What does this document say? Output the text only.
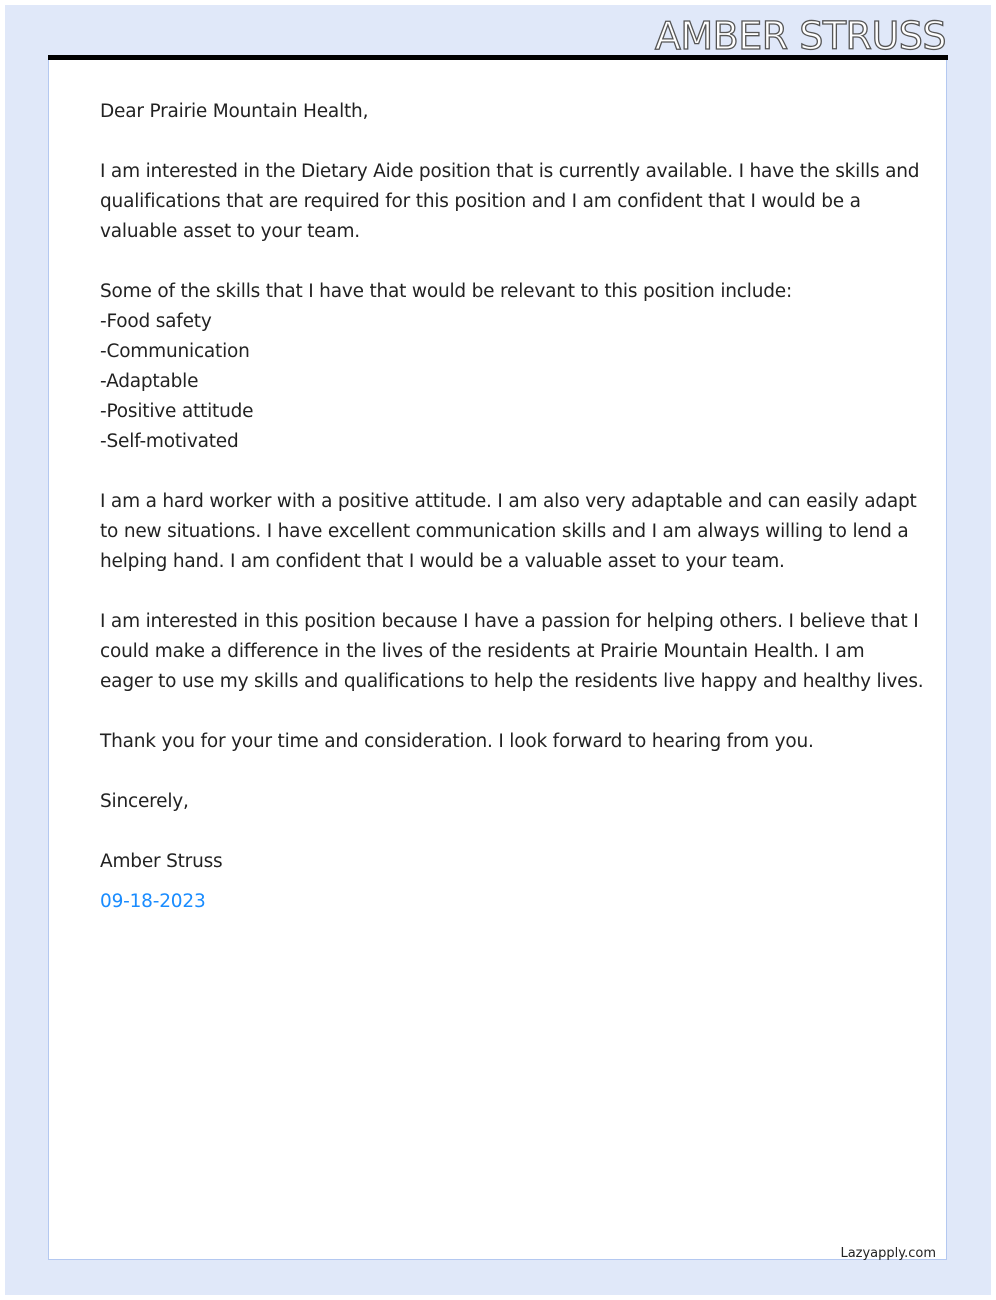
AMBER STRUSS
Dear Prairie Mountain Health,
I am interested in the Dietary Aide position that is currently available. I have the skills and
qualifications that are required for this position and I am confident that I would be a
valuable asset to your team.
Some of the skills that I have that would be relevant to this position include:
-Food safety
-Communication
-Adaptable
-Positive attitude
-Self-motivated
I am a hard worker with a positive attitude. I am also very adaptable and can easily adapt
to new situations. I have excellent communication skills and I am always willing to lend a
helping hand. I am confident that I would be a valuable asset to your team.
I am interested in this position because I have a passion for helping others. I believe that I
could make a difference in the lives of the residents at Prairie Mountain Health. I am
eager to use my skills and qualifications to help the residents live happy and healthy lives.
Thank you for your time and consideration. I look forward to hearing from you.
Sincerely,
Amber Struss
09-18-2023
Lazyapply.com
